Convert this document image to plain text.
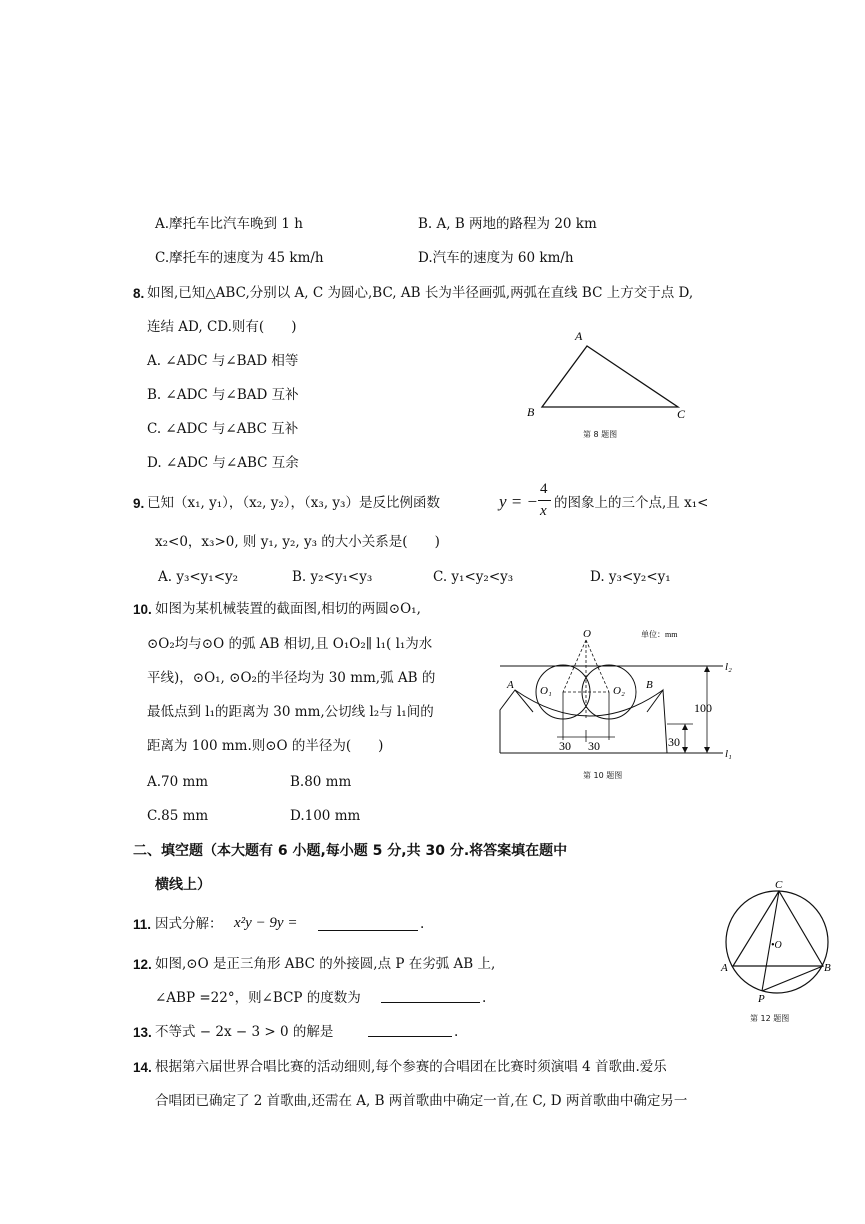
A.摩托车比汽车晚到 1 h	B. A, B 两地的路程为 20 km
C.摩托车的速度为 45 km/h	D.汽车的速度为 60 km/h
8. 如图,已知△ABC,分别以 A, C 为圆心,BC, AB 长为半径画弧,两弧在直线 BC 上方交于点 D,
连结 AD, CD.则有(　　)
A. ∠ADC 与∠BAD 相等
B. ∠ADC 与∠BAD 互补
C. ∠ADC 与∠ABC 互补
D. ∠ADC 与∠ABC 互余
A
B	C
第 8 题图
9. 已知（x₁, y₁），（x₂, y₂），（x₃, y₃）是反比例函数	y = −
4
x 的图象上的三个点,且 x₁<
x₂<0，x₃>0, 则 y₁, y₂, y₃ 的大小关系是(　　)
A. y₃<y₁<y₂	B. y₂<y₁<y₃	C. y₁<y₂<y₃	D. y₃<y₂<y₁
10. 如图为某机械装置的截面图,相切的两圆⊙O₁,
⊙O₂均与⊙O 的弧 AB 相切,且 O₁O₂∥ l₁( l₁为水
平线)，⊙O₁, ⊙O₂的半径均为 30 mm,弧 AB 的
最低点到 l₁的距离为 30 mm,公切线 l₂与 l₁间的
距离为 100 mm.则⊙O 的半径为(　　)
A.70 mm	B.80 mm
C.85 mm	D.100 mm
30 30
100
30
O
O₁	O₂
A	B
l₂
l₁
单位：mm
第 10 题图
二、填空题（本大题有 6 小题,每小题 5 分,共 30 分.将答案填在题中
横线上）
11. 因式分解： x²y − 9y =	.
12. 如图,⊙O 是正三角形 ABC 的外接圆,点 P 在劣弧 AB 上,
∠ABP =22°，则∠BCP 的度数为	.
C
•O
A	B
P
第 12 题图
13. 不等式 − 2x − 3 > 0 的解是	.
14. 根据第六届世界合唱比赛的活动细则,每个参赛的合唱团在比赛时须演唱 4 首歌曲.爱乐
合唱团已确定了 2 首歌曲,还需在 A, B 两首歌曲中确定一首,在 C, D 两首歌曲中确定另一
